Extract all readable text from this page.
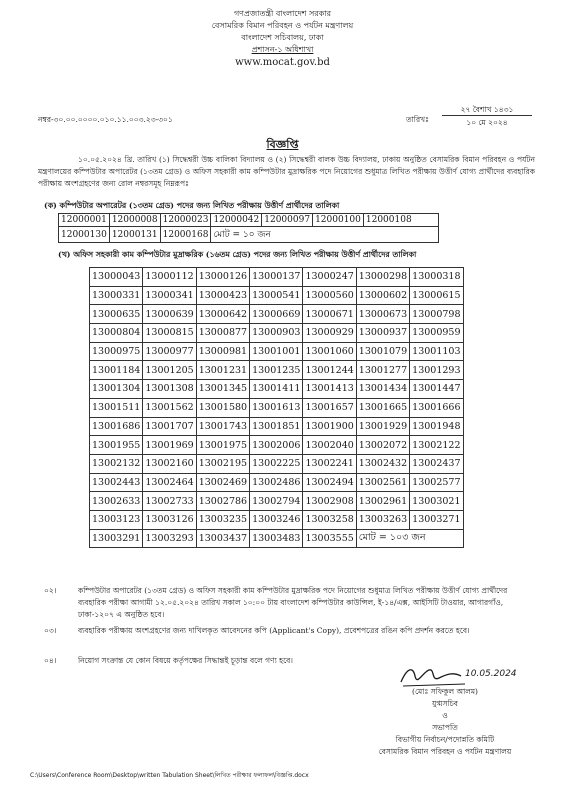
গণপ্রজাতন্ত্রী বাংলাদেশ সরকার
বেসামরিক বিমান পরিবহন ও পর্যটন মন্ত্রণালয়
বাংলাদেশ সচিবালয়, ঢাকা
প্রশাসন-১ অধিশাখা
www.mocat.gov.bd
নম্বর-৩০.০০.০০০০.০১০.১১.০০৩.২৩-৩০১	তারিখঃ
২৭ বৈশাখ ১৪৩১
১০ মে ২০২৪
বিজ্ঞপ্তি
১০.০৫.২০২৪ খ্রি. তারিখ (১) সিদ্ধেশ্বরী উচ্চ বালিকা বিদ্যালয় ও (২) সিদ্ধেশ্বরী বালক উচ্চ বিদ্যালয়, ঢাকায় অনুষ্ঠিত বেসামরিক বিমান পরিবহন ও পর্যটন মন্ত্রণালয়ের কম্পিউটার অপারেটর (১৩তম গ্রেড) ও অফিস সহকারী কাম কম্পিউটার মুদ্রাক্ষরিক পদে নিয়োগের শুধুমাত্র লিখিত পরীক্ষায় উত্তীর্ণ যোগ্য প্রার্থীদের ব্যবহারিক পরীক্ষায় অংশগ্রহণের জন্য রোল নম্বরসমূহ নিম্নরূপঃ
(ক) কম্পিউটার অপারেটর (১৩তম গ্রেড) পদের জন্য লিখিত পরীক্ষায় উত্তীর্ণ প্রার্থীদের তালিকা
12000001	12000008	12000023	12000042	12000097	12000100	12000108
12000130	12000131	12000168	মোট = ১০ জন			
(খ) অফিস সহকারী কাম কম্পিউটার মুদ্রাক্ষরিক (১৬তম গ্রেড) পদের জন্য লিখিত পরীক্ষায় উত্তীর্ণ প্রার্থীদের তালিকা
13000043	13000112	13000126	13000137	13000247	13000298	13000318
13000331	13000341	13000423	13000541	13000560	13000602	13000615
13000635	13000639	13000642	13000669	13000671	13000673	13000798
13000804	13000815	13000877	13000903	13000929	13000937	13000959
13000975	13000977	13000981	13001001	13001060	13001079	13001103
13001184	13001205	13001231	13001235	13001244	13001277	13001293
13001304	13001308	13001345	13001411	13001413	13001434	13001447
13001511	13001562	13001580	13001613	13001657	13001665	13001666
13001686	13001707	13001743	13001851	13001900	13001929	13001948
13001955	13001969	13001975	13002006	13002040	13002072	13002122
13002132	13002160	13002195	13002225	13002241	13002432	13002437
13002443	13002464	13002469	13002486	13002494	13002561	13002577
13002633	13002733	13002786	13002794	13002908	13002961	13003021
13003123	13003126	13003235	13003246	13003258	13003263	13003271
13003291	13003293	13003437	13003483	13003555	মোট = ১০৩ জন	
০২।	কম্পিউটার অপারেটর (১৩তম গ্রেড) ও অফিস সহকারী কাম কম্পিউটার মুদ্রাক্ষরিক পদে নিয়োগের শুধুমাত্র লিখিত পরীক্ষায় উত্তীর্ণ যোগ্য প্রার্থীদের ব্যবহারিক পরীক্ষা আগামী ১২.০৫.২০২৪ তারিখ সকাল ১০:০০ টায় বাংলাদেশ কম্পিউটার কাউন্সিল, ই-১৪/এক্স, আইসিটি টাওয়ার, আগারগাঁও, ঢাকা-১২০৭ এ অনুষ্ঠিত হবে।
০৩।	ব্যবহারিক পরীক্ষায় অংশগ্রহণের জন্য দাখিলকৃত আবেদনের কপি (Applicant's Copy), প্রবেশপত্রের রঙিন কপি প্রদর্শন করতে হবে।
০৪।	নিয়োগ সংক্রান্ত যে কোন বিষয়ে কর্তৃপক্ষের সিদ্ধান্তই চূড়ান্ত বলে গণ্য হবে।
10.05.2024
(মোঃ সফিকুল আলম)
যুগ্মসচিব
ও
সভাপতি
বিভাগীয় নির্বাচন/পদোন্নতি কমিটি
বেসামরিক বিমান পরিবহন ও পর্যটন মন্ত্রণালয়
C:\Users\Conference Room\Desktop\written Tabulation Sheet\লিখিত পরীক্ষার ফলাফল\বিজ্ঞপ্তি.docx
